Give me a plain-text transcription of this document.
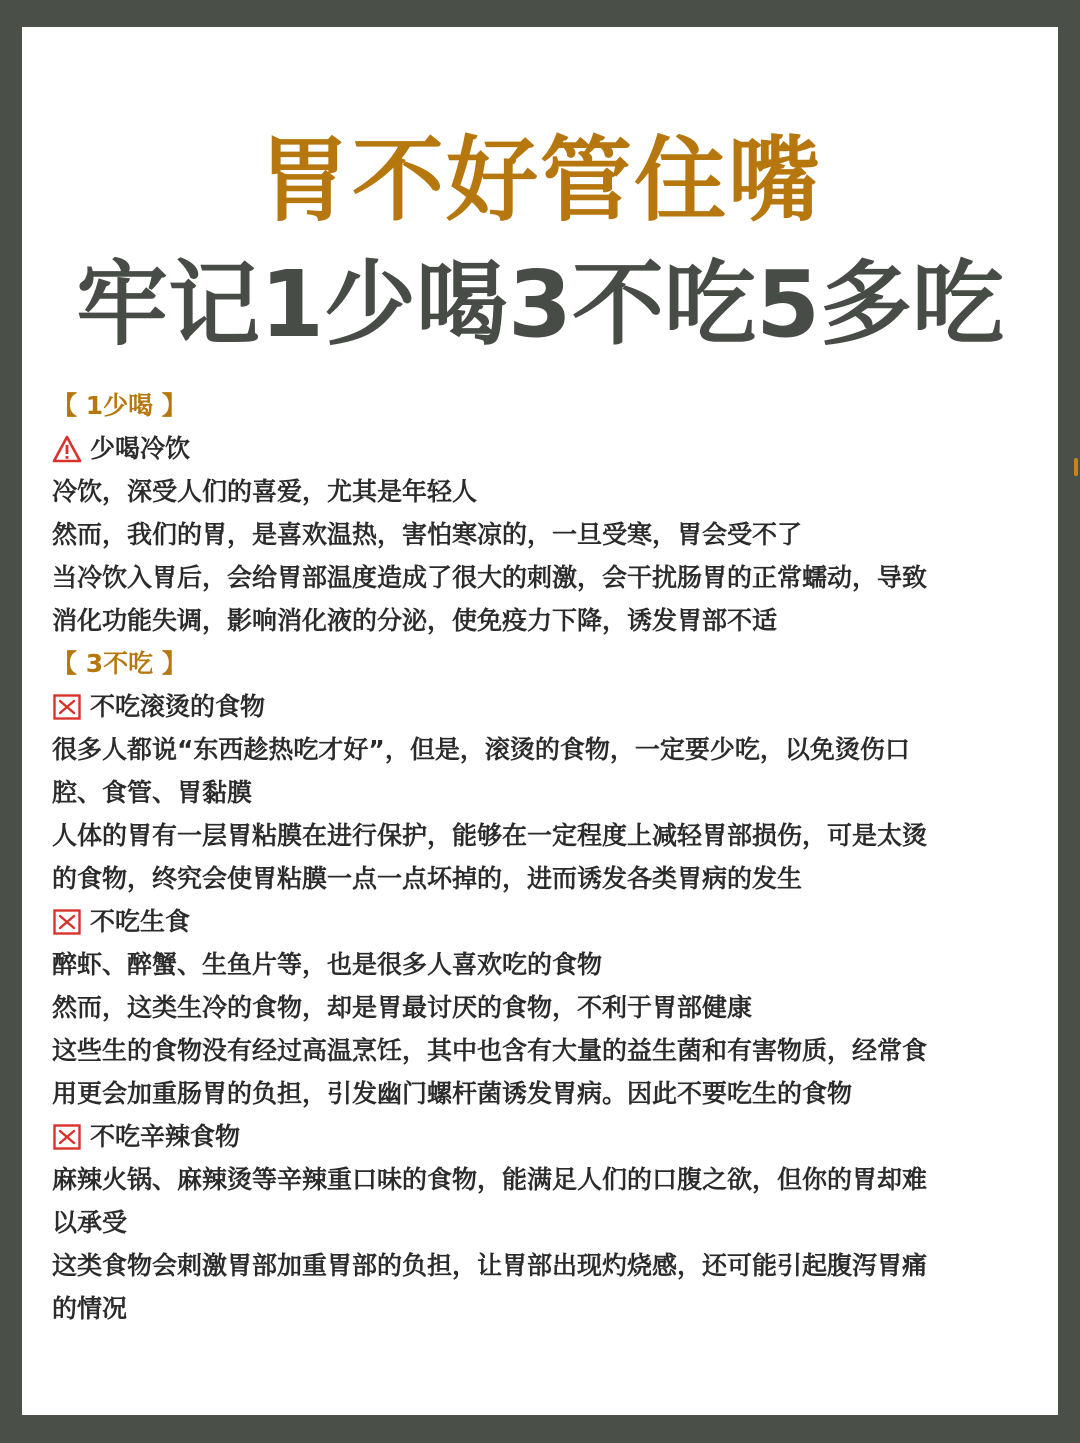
胃不好管住嘴
牢记1少喝3不吃5多吃
【 1少喝 】
少喝冷饮
冷饮，深受人们的喜爱，尤其是年轻人
然而，我们的胃，是喜欢温热，害怕寒凉的，一旦受寒，胃会受不了
当冷饮入胃后，会给胃部温度造成了很大的刺激，会干扰肠胃的正常蠕动，导致
消化功能失调，影响消化液的分泌，使免疫力下降，诱发胃部不适
【 3不吃 】
不吃滚烫的食物
很多人都说“东西趁热吃才好”，但是，滚烫的食物，一定要少吃，以免烫伤口
腔、食管、胃黏膜
人体的胃有一层胃粘膜在进行保护，能够在一定程度上减轻胃部损伤，可是太烫
的食物，终究会使胃粘膜一点一点坏掉的，进而诱发各类胃病的发生
不吃生食
醉虾、醉蟹、生鱼片等，也是很多人喜欢吃的食物
然而，这类生冷的食物，却是胃最讨厌的食物，不利于胃部健康
这些生的食物没有经过高温烹饪，其中也含有大量的益生菌和有害物质，经常食
用更会加重肠胃的负担，引发幽门螺杆菌诱发胃病。因此不要吃生的食物
不吃辛辣食物
麻辣火锅、麻辣烫等辛辣重口味的食物，能满足人们的口腹之欲，但你的胃却难
以承受
这类食物会刺激胃部加重胃部的负担，让胃部出现灼烧感，还可能引起腹泻胃痛
的情况
